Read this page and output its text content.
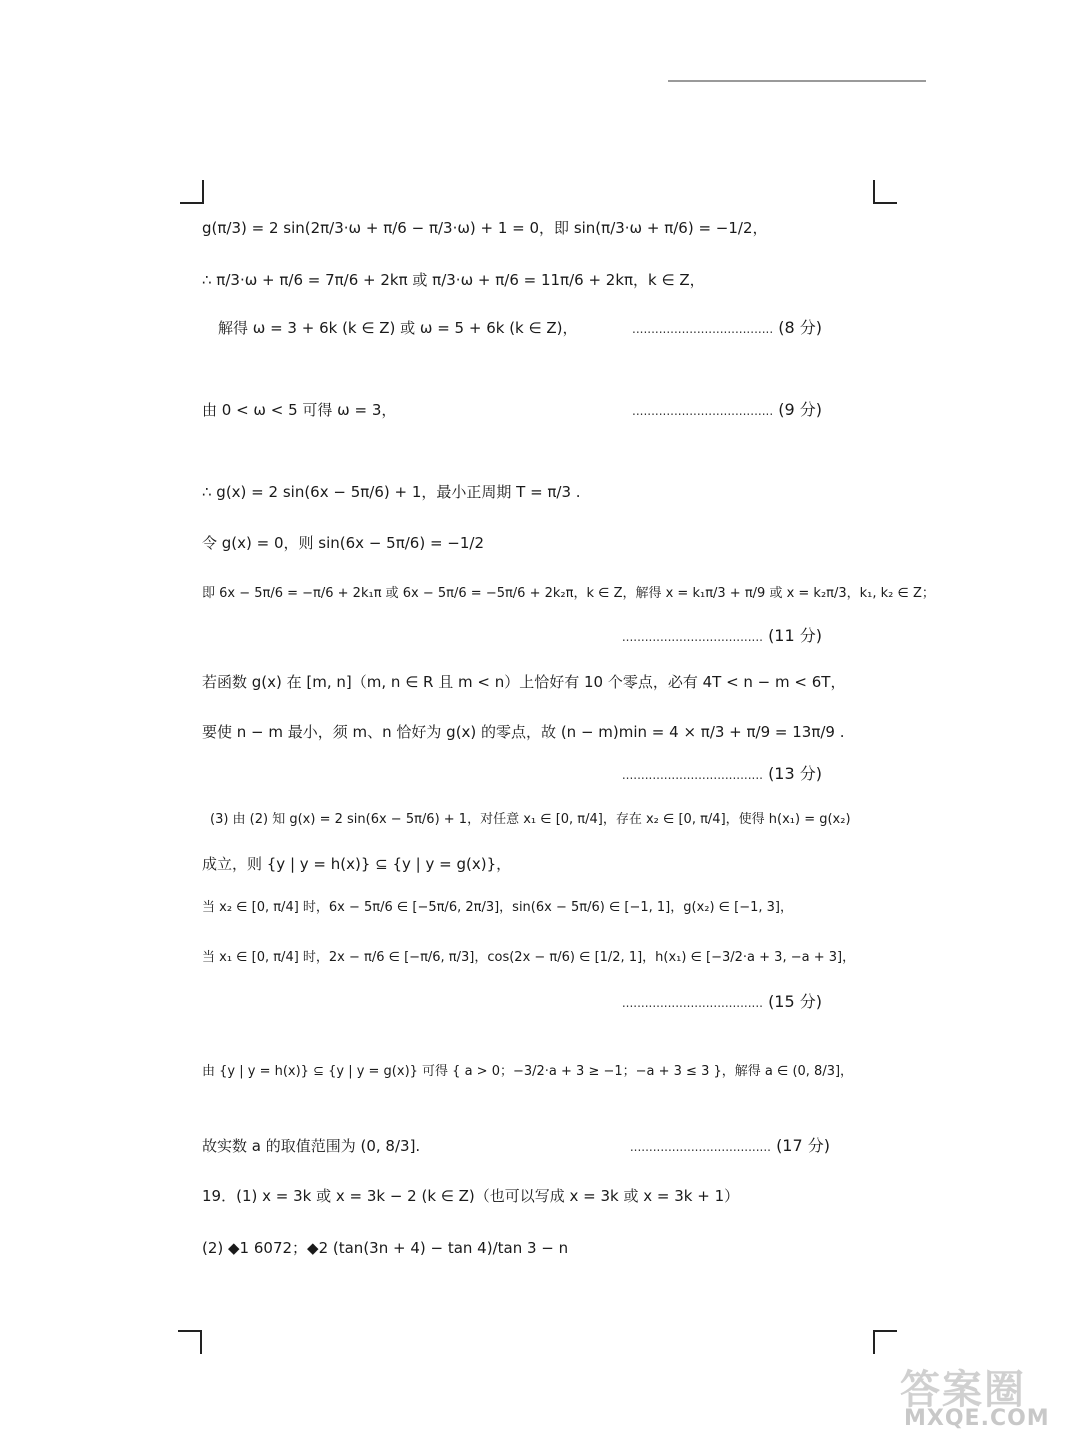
g(π/3) = 2 sin(2π/3·ω + π/6 − π/3·ω) + 1 = 0，即 sin(π/3·ω + π/6) = −1/2，
∴ π/3·ω + π/6 = 7π/6 + 2kπ 或 π/3·ω + π/6 = 11π/6 + 2kπ，k ∈ Z，
解得 ω = 3 + 6k (k ∈ Z) 或 ω = 5 + 6k (k ∈ Z)，	..................................... (8 分)
由 0 < ω < 5 可得 ω = 3，	..................................... (9 分)
∴ g(x) = 2 sin(6x − 5π/6) + 1，最小正周期 T = π/3 .
令 g(x) = 0，则 sin(6x − 5π/6) = −1/2
即 6x − 5π/6 = −π/6 + 2k₁π 或 6x − 5π/6 = −5π/6 + 2k₂π，k ∈ Z，解得 x = k₁π/3 + π/9 或 x = k₂π/3，k₁, k₂ ∈ Z；
..................................... (11 分)
若函数 g(x) 在 [m, n]（m, n ∈ R 且 m < n）上恰好有 10 个零点，必有 4T < n − m < 6T，
要使 n − m 最小，须 m、n 恰好为 g(x) 的零点，故 (n − m)min = 4 × π/3 + π/9 = 13π/9 .
..................................... (13 分)
(3) 由 (2) 知 g(x) = 2 sin(6x − 5π/6) + 1，对任意 x₁ ∈ [0, π/4]，存在 x₂ ∈ [0, π/4]，使得 h(x₁) = g(x₂)
成立，则 {y | y = h(x)} ⊆ {y | y = g(x)}，
当 x₂ ∈ [0, π/4] 时，6x − 5π/6 ∈ [−5π/6, 2π/3]，sin(6x − 5π/6) ∈ [−1, 1]，g(x₂) ∈ [−1, 3]，
当 x₁ ∈ [0, π/4] 时，2x − π/6 ∈ [−π/6, π/3]，cos(2x − π/6) ∈ [1/2, 1]，h(x₁) ∈ [−3/2·a + 3, −a + 3]，
..................................... (15 分)
由 {y | y = h(x)} ⊆ {y | y = g(x)} 可得 { a > 0；−3/2·a + 3 ≥ −1；−a + 3 ≤ 3 }，解得 a ∈ (0, 8/3]，
故实数 a 的取值范围为 (0, 8/3].	..................................... (17 分)
19．(1) x = 3k 或 x = 3k − 2 (k ∈ Z)（也可以写成 x = 3k 或 x = 3k + 1）
(2) ◆1 6072；◆2 (tan(3n + 4) − tan 4)/tan 3 − n
答案圈
MXQE.COM
